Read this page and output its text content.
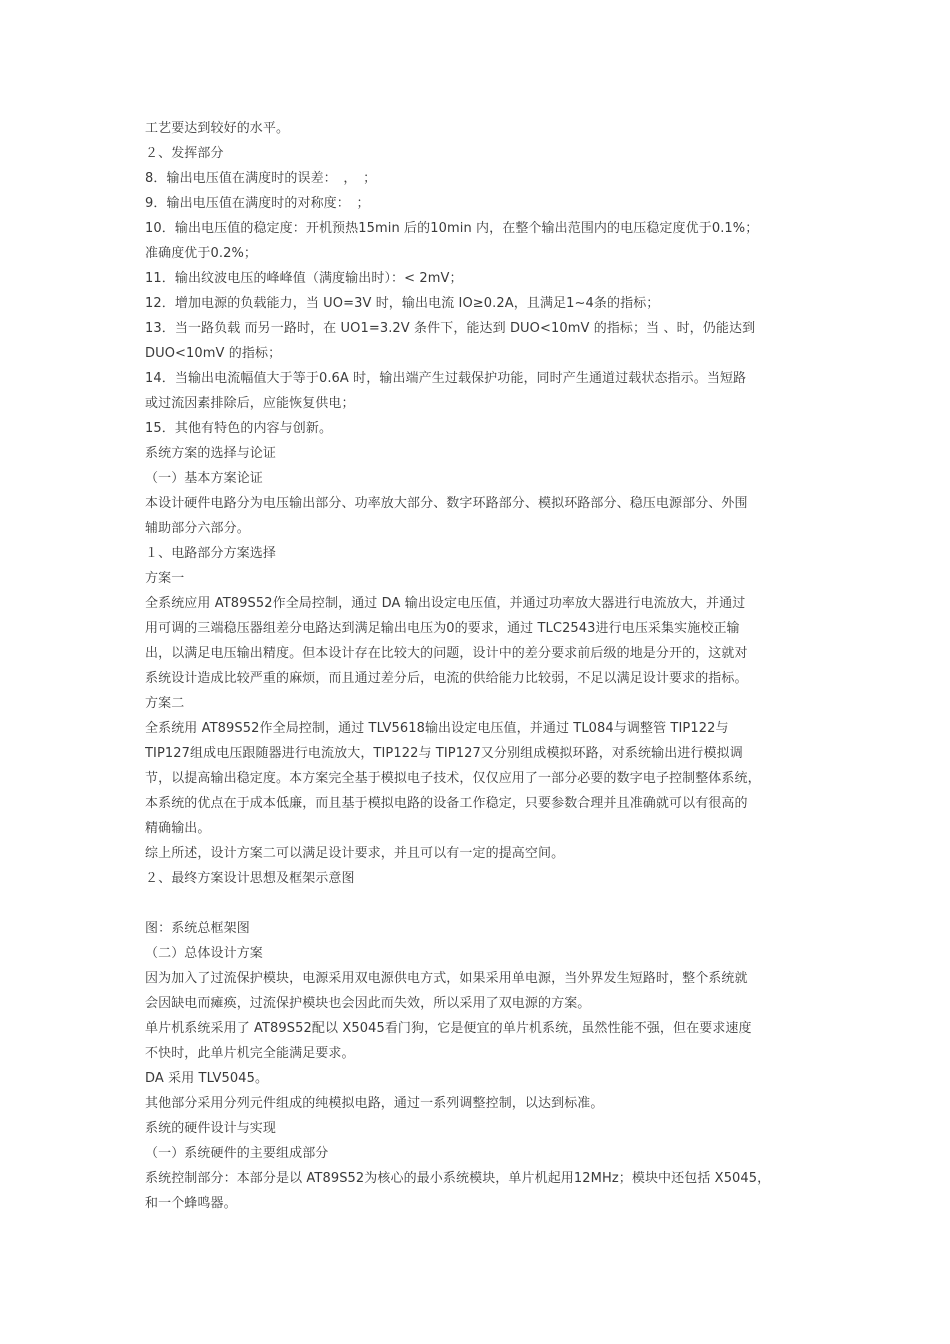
工艺要达到较好的水平。
２、发挥部分
8．输出电压值在满度时的误差：　，　；
9．输出电压值在满度时的对称度：　；
10．输出电压值的稳定度：开机预热15min 后的10min 内，在整个输出范围内的电压稳定度优于0.1%；
准确度优于0.2%；
11．输出纹波电压的峰峰值（满度输出时）：< 2mV；
12．增加电源的负载能力，当 UO=3V 时，输出电流 IO≥0.2A，且满足1~4条的指标；
13．当一路负载 而另一路时，在 UO1=3.2V 条件下，能达到 DUO<10mV 的指标；当 、时，仍能达到
DUO<10mV 的指标；
14．当输出电流幅值大于等于0.6A 时，输出端产生过载保护功能，同时产生通道过载状态指示。当短路
或过流因素排除后，应能恢复供电；
15．其他有特色的内容与创新。
系统方案的选择与论证
（一）基本方案论证
本设计硬件电路分为电压输出部分、功率放大部分、数字环路部分、模拟环路部分、稳压电源部分、外围
辅助部分六部分。
１、电路部分方案选择
方案一
全系统应用 AT89S52作全局控制，通过 DA 输出设定电压值，并通过功率放大器进行电流放大，并通过
用可调的三端稳压器组差分电路达到满足输出电压为0的要求，通过 TLC2543进行电压采集实施校正输
出，以满足电压输出精度。但本设计存在比较大的问题，设计中的差分要求前后级的地是分开的，这就对
系统设计造成比较严重的麻烦，而且通过差分后，电流的供给能力比较弱，不足以满足设计要求的指标。
方案二
全系统用 AT89S52作全局控制，通过 TLV5618输出设定电压值，并通过 TL084与调整管 TIP122与
TIP127组成电压跟随器进行电流放大，TIP122与 TIP127又分别组成模拟环路，对系统输出进行模拟调
节，以提高输出稳定度。本方案完全基于模拟电子技术，仅仅应用了一部分必要的数字电子控制整体系统，
本系统的优点在于成本低廉，而且基于模拟电路的设备工作稳定，只要参数合理并且准确就可以有很高的
精确输出。
综上所述，设计方案二可以满足设计要求，并且可以有一定的提高空间。
２、最终方案设计思想及框架示意图
图：系统总框架图
（二）总体设计方案
因为加入了过流保护模块，电源采用双电源供电方式，如果采用单电源，当外界发生短路时，整个系统就
会因缺电而瘫痪，过流保护模块也会因此而失效，所以采用了双电源的方案。
单片机系统采用了 AT89S52配以 X5045看门狗，它是便宜的单片机系统，虽然性能不强，但在要求速度
不快时，此单片机完全能满足要求。
DA 采用 TLV5045。
其他部分采用分列元件组成的纯模拟电路，通过一系列调整控制，以达到标准。
系统的硬件设计与实现
（一）系统硬件的主要组成部分
系统控制部分：本部分是以 AT89S52为核心的最小系统模块，单片机起用12MHz；模块中还包括 X5045，
和一个蜂鸣器。
